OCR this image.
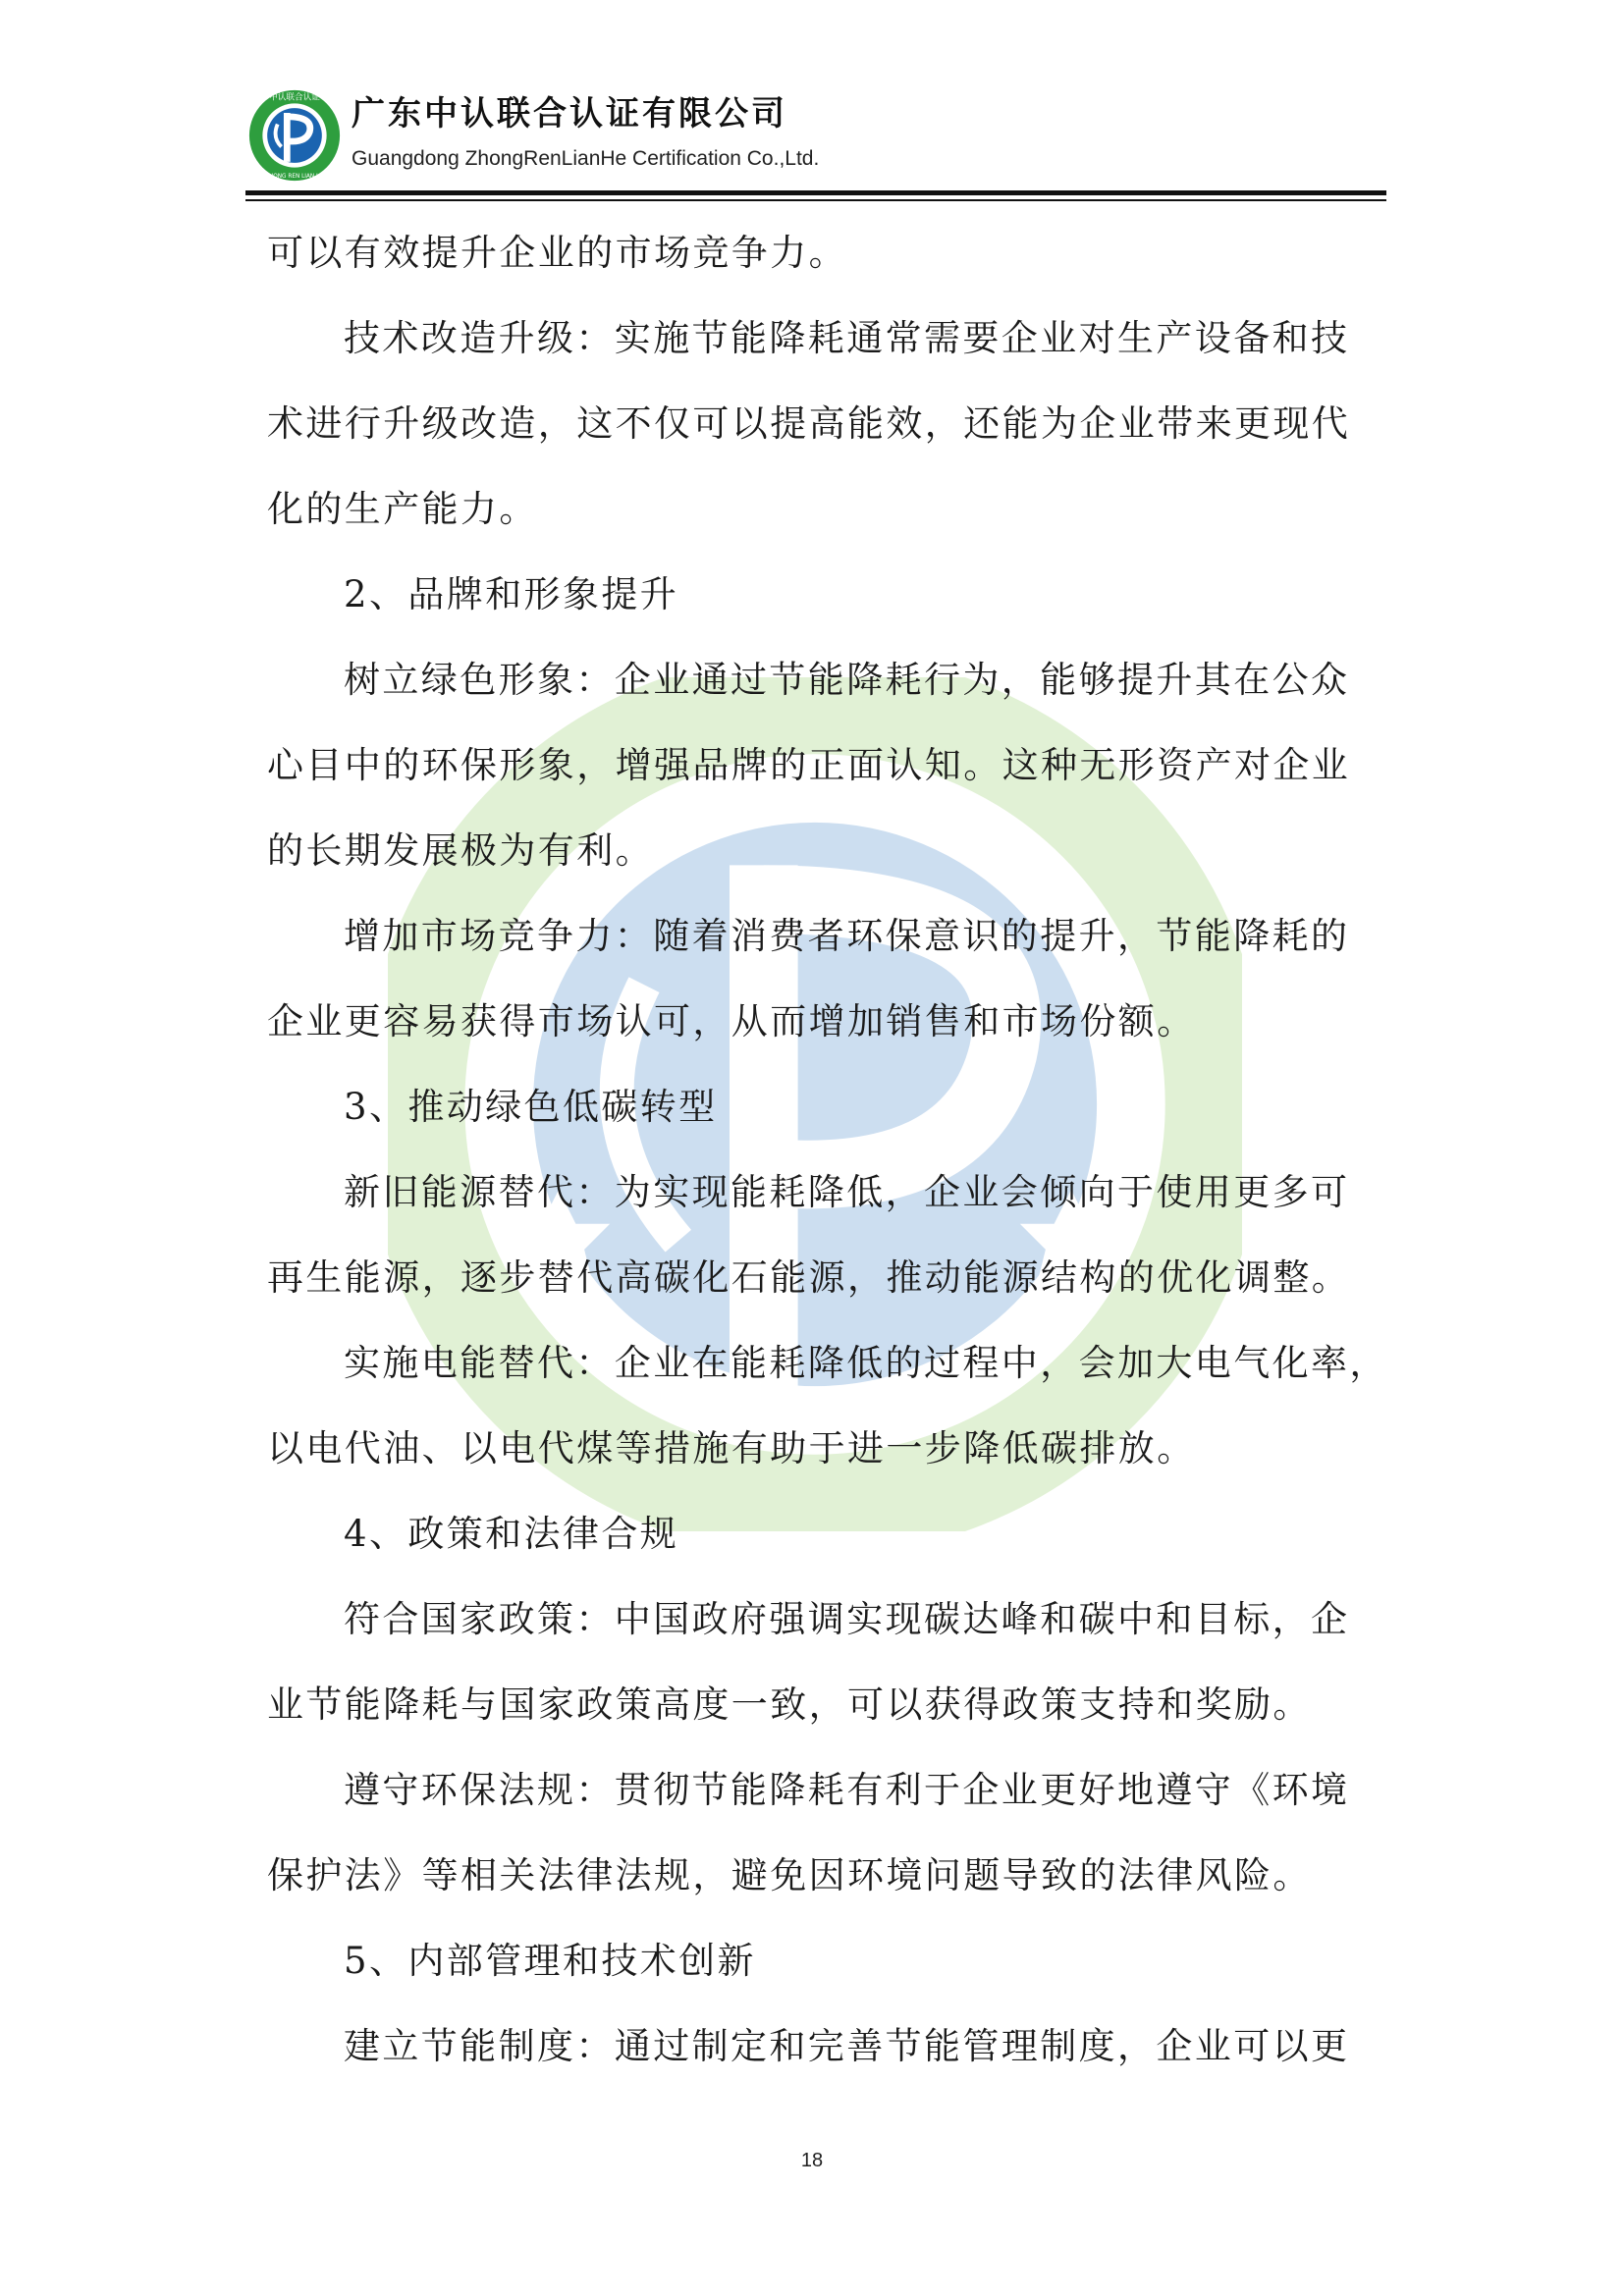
中认联合认证
ZHONG REN LIAN HE
广东中认联合认证有限公司
Guangdong ZhongRenLianHe Certification Co.,Ltd.
可以有效提升企业的市场竞争力。
技术改造升级：实施节能降耗通常需要企业对生产设备和技
术进行升级改造，这不仅可以提高能效，还能为企业带来更现代
化的生产能力。
2、品牌和形象提升
树立绿色形象：企业通过节能降耗行为，能够提升其在公众
心目中的环保形象，增强品牌的正面认知。这种无形资产对企业
的长期发展极为有利。
增加市场竞争力：随着消费者环保意识的提升，节能降耗的
企业更容易获得市场认可，从而增加销售和市场份额。
3、推动绿色低碳转型
新旧能源替代：为实现能耗降低，企业会倾向于使用更多可
再生能源，逐步替代高碳化石能源，推动能源结构的优化调整。
实施电能替代：企业在能耗降低的过程中，会加大电气化率，
以电代油、以电代煤等措施有助于进一步降低碳排放。
4、政策和法律合规
符合国家政策：中国政府强调实现碳达峰和碳中和目标，企
业节能降耗与国家政策高度一致，可以获得政策支持和奖励。
遵守环保法规：贯彻节能降耗有利于企业更好地遵守《环境
保护法》等相关法律法规，避免因环境问题导致的法律风险。
5、内部管理和技术创新
建立节能制度：通过制定和完善节能管理制度，企业可以更
18
